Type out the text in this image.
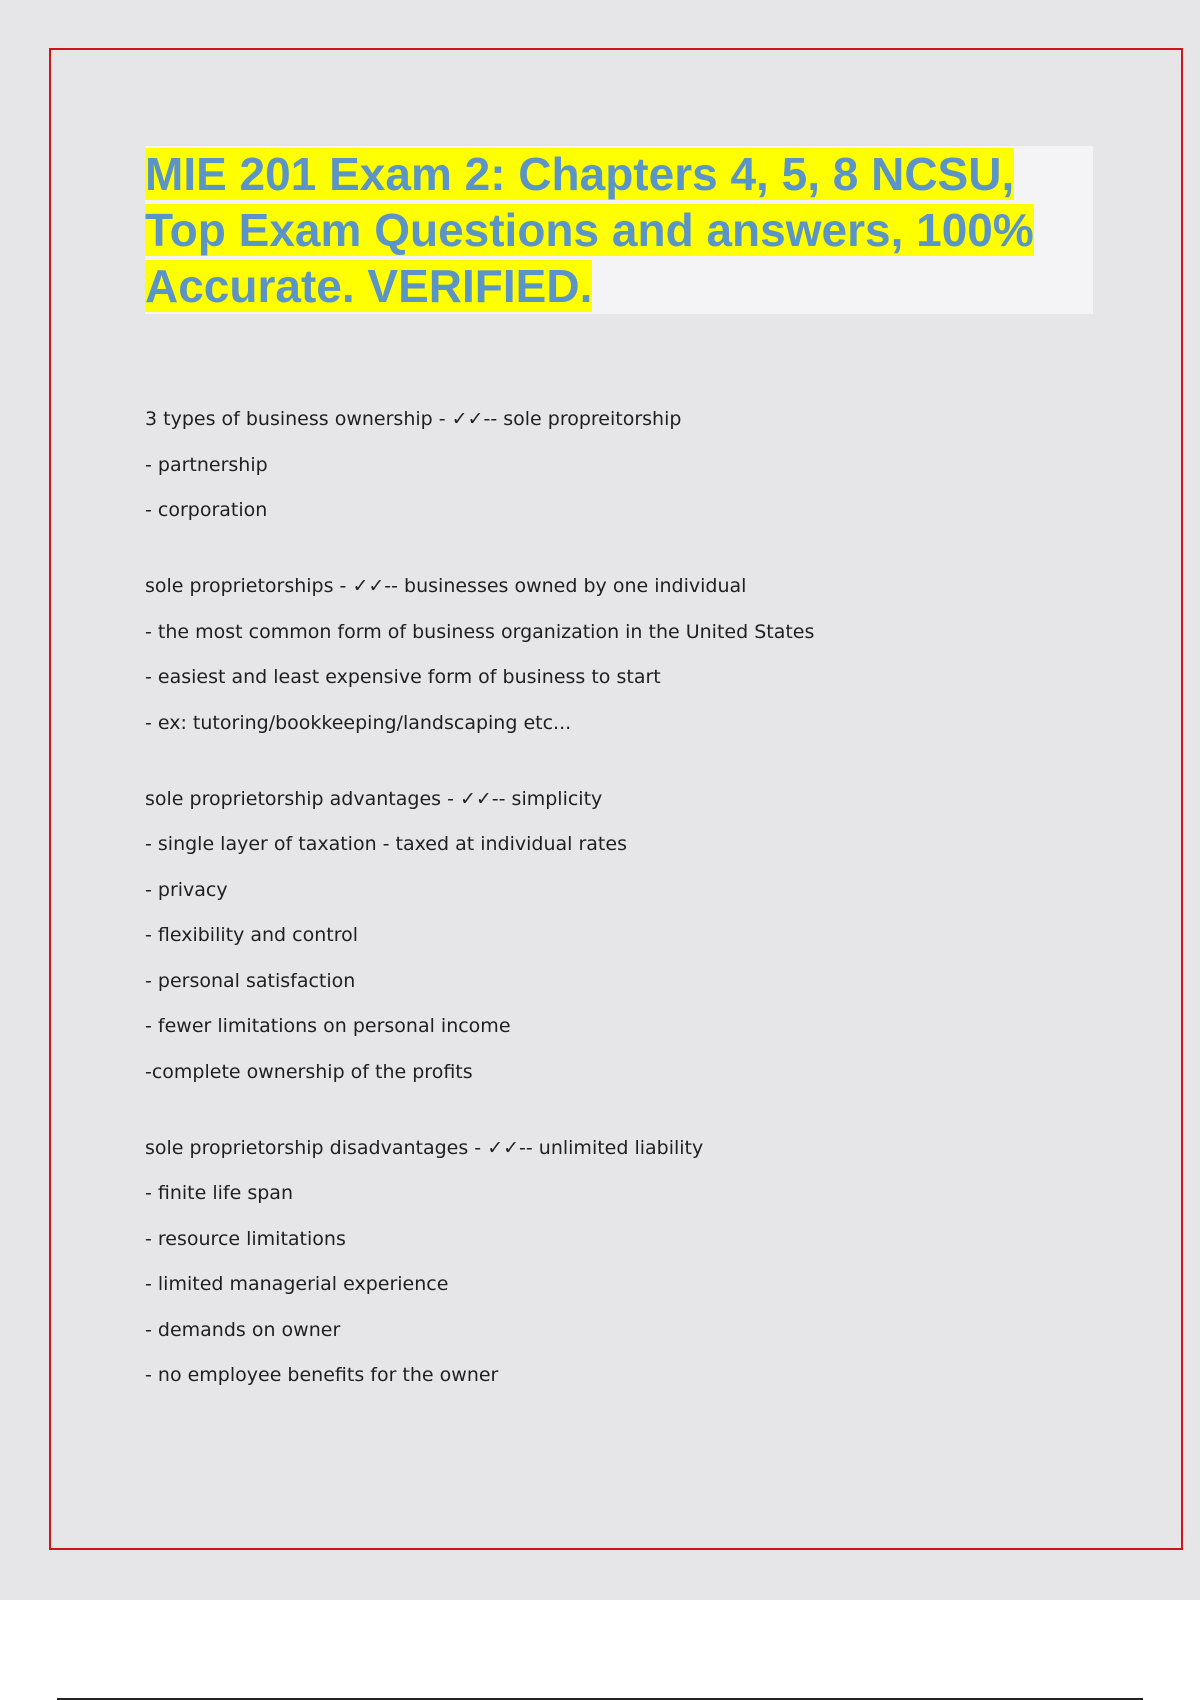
MIE 201 Exam 2: Chapters 4, 5, 8 NCSU, Top Exam Questions and answers, 100% Accurate. VERIFIED.
3 types of business ownership - ✓✓-- sole propreitorship
- partnership
- corporation
sole proprietorships - ✓✓-- businesses owned by one individual
- the most common form of business organization in the United States
- easiest and least expensive form of business to start
- ex: tutoring/bookkeeping/landscaping etc...
sole proprietorship advantages - ✓✓-- simplicity
- single layer of taxation - taxed at individual rates
- privacy
- flexibility and control
- personal satisfaction
- fewer limitations on personal income
-complete ownership of the profits
sole proprietorship disadvantages - ✓✓-- unlimited liability
- finite life span
- resource limitations
- limited managerial experience
- demands on owner
- no employee benefits for the owner
